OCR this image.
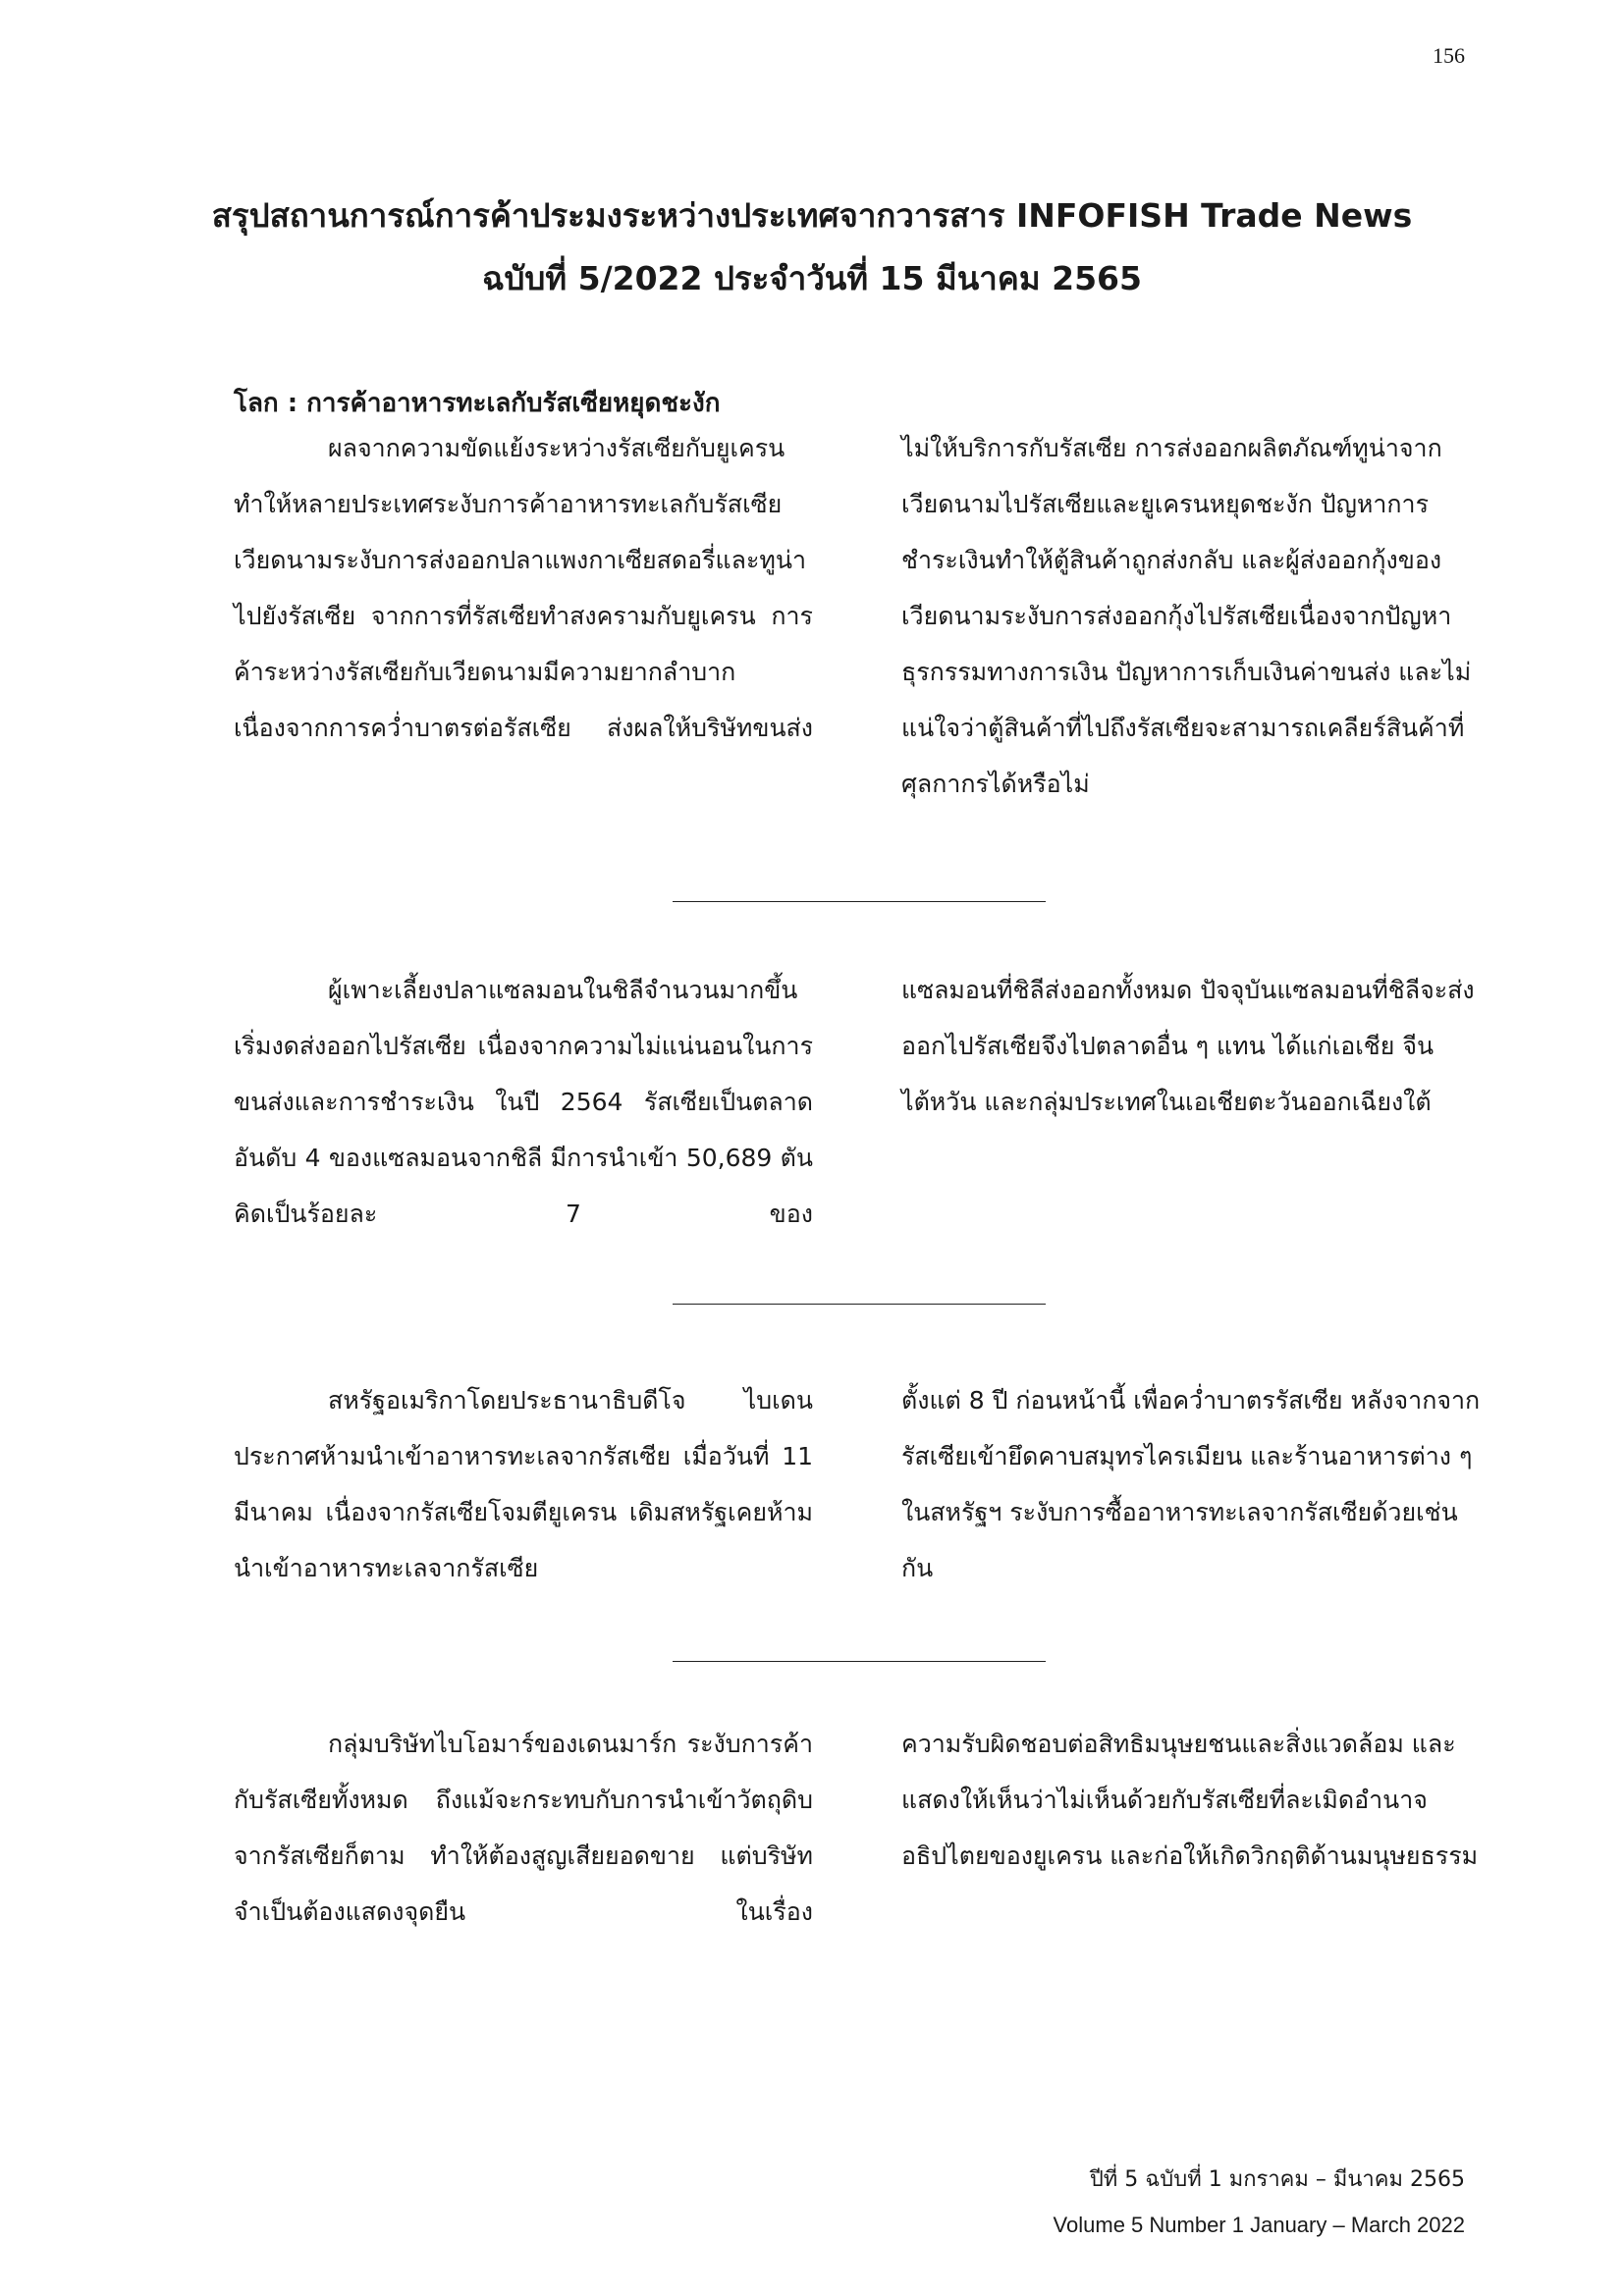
156
สรุปสถานการณ์การค้าประมงระหว่างประเทศจากวารสาร INFOFISH Trade News
ฉบับที่ 5/2022 ประจำวันที่ 15 มีนาคม 2565
โลก : การค้าอาหารทะเลกับรัสเซียหยุดชะงัก

ผลจากความขัดแย้งระหว่างรัสเซียกับยูเครนทำให้หลายประเทศระงับการค้าอาหารทะเลกับรัสเซีย เวียดนามระงับการส่งออกปลาแพงกาเซียสดอรี่และทูน่าไปยังรัสเซีย จากการที่รัสเซียทำสงครามกับยูเครน การค้าระหว่างรัสเซียกับเวียดนามมีความยากลำบาก เนื่องจากการคว่ำบาตรต่อรัสเซีย ส่งผลให้บริษัทขนส่ง

ไม่ให้บริการกับรัสเซีย การส่งออกผลิตภัณฑ์ทูน่าจากเวียดนามไปรัสเซียและยูเครนหยุดชะงัก ปัญหาการชำระเงินทำให้ตู้สินค้าถูกส่งกลับ และผู้ส่งออกกุ้งของเวียดนามระงับการส่งออกกุ้งไปรัสเซียเนื่องจากปัญหาธุรกรรมทางการเงิน ปัญหาการเก็บเงินค่าขนส่ง และไม่แน่ใจว่าตู้สินค้าที่ไปถึงรัสเซียจะสามารถเคลียร์สินค้าที่ศุลกากรได้หรือไม่

ผู้เพาะเลี้ยงปลาแซลมอนในชิลีจำนวนมากขึ้นเริ่มงดส่งออกไปรัสเซีย เนื่องจากความไม่แน่นอนในการขนส่งและการชำระเงิน ในปี 2564 รัสเซียเป็นตลาดอันดับ 4 ของแซลมอนจากชิลี มีการนำเข้า 50,689 ตัน คิดเป็นร้อยละ 7 ของ

แซลมอนที่ชิลีส่งออกทั้งหมด ปัจจุบันแซลมอนที่ชิลีจะส่งออกไปรัสเซียจึงไปตลาดอื่น ๆ แทน ได้แก่เอเชีย จีน ไต้หวัน และกลุ่มประเทศในเอเชียตะวันออกเฉียงใต้

สหรัฐอเมริกาโดยประธานาธิบดีโจ ไบเดน ประกาศห้ามนำเข้าอาหารทะเลจากรัสเซีย เมื่อวันที่ 11 มีนาคม เนื่องจากรัสเซียโจมตียูเครน เดิมสหรัฐเคยห้ามนำเข้าอาหารทะเลจากรัสเซีย

ตั้งแต่ 8 ปี ก่อนหน้านี้ เพื่อคว่ำบาตรรัสเซีย หลังจากจากรัสเซียเข้ายึดคาบสมุทรไครเมียน และร้านอาหารต่าง ๆ ในสหรัฐฯ ระงับการซื้ออาหารทะเลจากรัสเซียด้วยเช่นกัน

กลุ่มบริษัทไบโอมาร์ของเดนมาร์ก ระงับการค้ากับรัสเซียทั้งหมด ถึงแม้จะกระทบกับการนำเข้าวัตถุดิบจากรัสเซียก็ตาม ทำให้ต้องสูญเสียยอดขาย แต่บริษัทจำเป็นต้องแสดงจุดยืน ในเรื่อง

ความรับผิดชอบต่อสิทธิมนุษยชนและสิ่งแวดล้อม และแสดงให้เห็นว่าไม่เห็นด้วยกับรัสเซียที่ละเมิดอำนาจอธิปไตยของยูเครน และก่อให้เกิดวิกฤติด้านมนุษยธรรม

ปีที่ 5 ฉบับที่ 1 มกราคม – มีนาคม 2565
Volume 5 Number 1 January – March 2022
